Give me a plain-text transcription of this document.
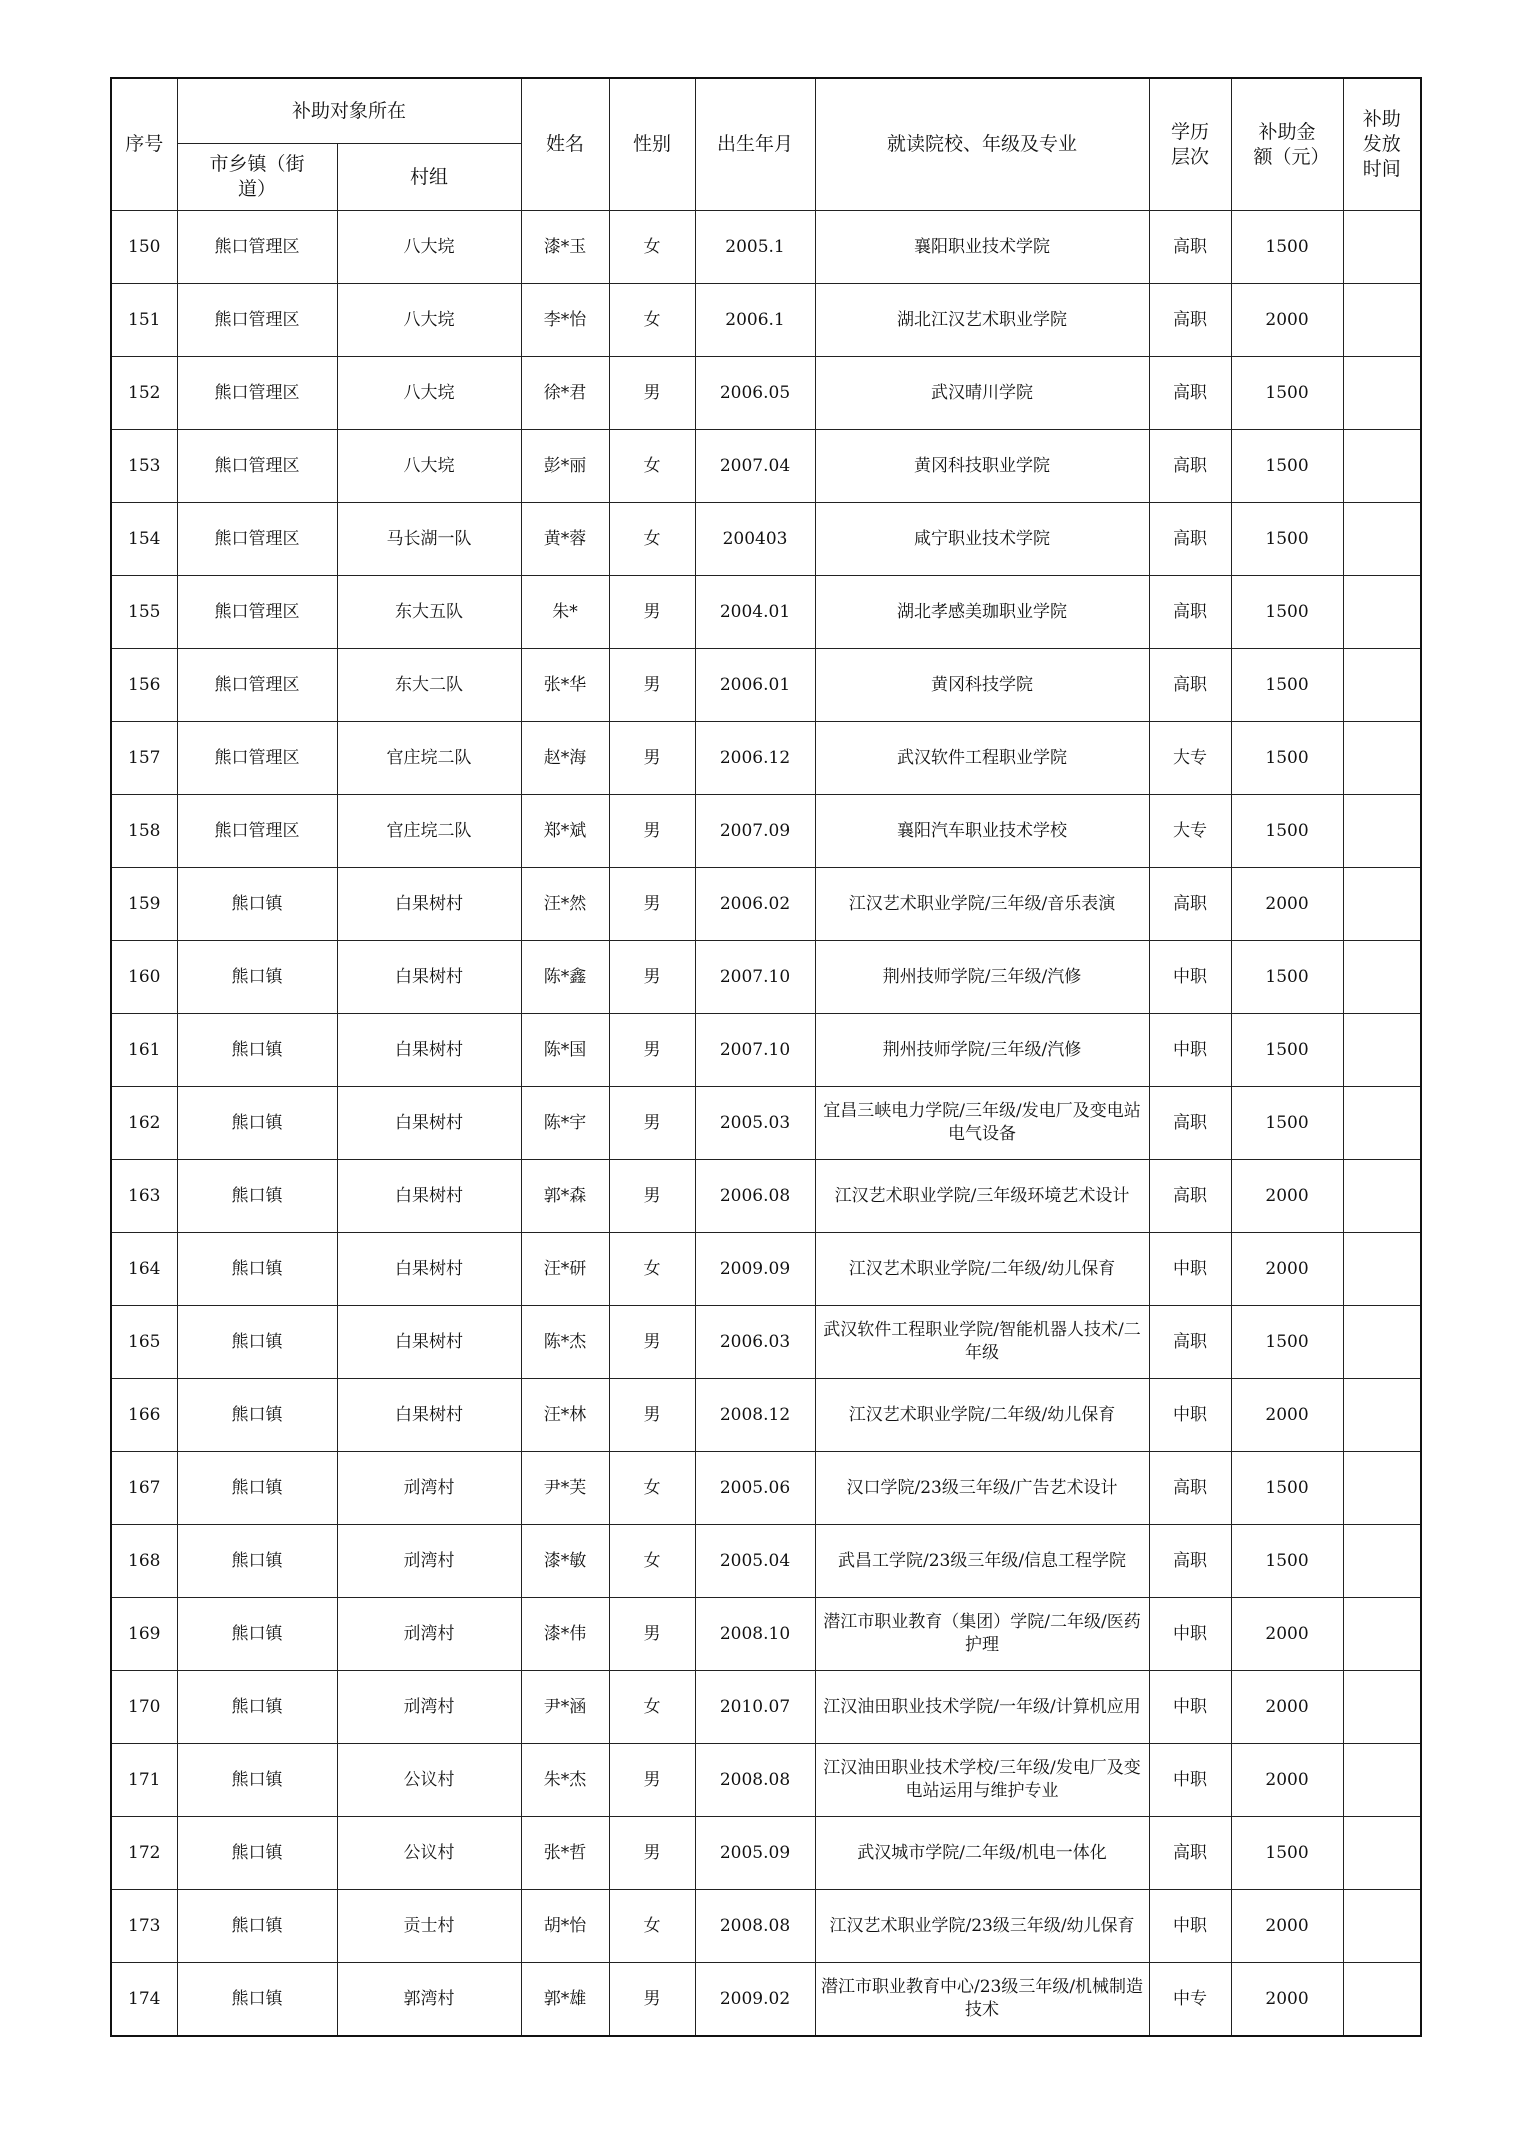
序号	补助对象所在		姓名	性别	出生年月	就读院校、年级及专业	学历层次	补助金额（元）	补助发放时间
	市乡镇（街道）	村组							
150	熊口管理区	八大垸	漆*玉	女	2005.1	襄阳职业技术学院	高职	1500	
151	熊口管理区	八大垸	李*怡	女	2006.1	湖北江汉艺术职业学院	高职	2000	
152	熊口管理区	八大垸	徐*君	男	2006.05	武汉晴川学院	高职	1500	
153	熊口管理区	八大垸	彭*丽	女	2007.04	黄冈科技职业学院	高职	1500	
154	熊口管理区	马长湖一队	黄*蓉	女	200403	咸宁职业技术学院	高职	1500	
155	熊口管理区	东大五队	朱*	男	2004.01	湖北孝感美珈职业学院	高职	1500	
156	熊口管理区	东大二队	张*华	男	2006.01	黄冈科技学院	高职	1500	
157	熊口管理区	官庄垸二队	赵*海	男	2006.12	武汉软件工程职业学院	大专	1500	
158	熊口管理区	官庄垸二队	郑*斌	男	2007.09	襄阳汽车职业技术学校	大专	1500	
159	熊口镇	白果树村	汪*然	男	2006.02	江汉艺术职业学院/三年级/音乐表演	高职	2000	
160	熊口镇	白果树村	陈*鑫	男	2007.10	荆州技师学院/三年级/汽修	中职	1500	
161	熊口镇	白果树村	陈*国	男	2007.10	荆州技师学院/三年级/汽修	中职	1500	
162	熊口镇	白果树村	陈*宇	男	2005.03	宜昌三峡电力学院/三年级/发电厂及变电站电气设备	高职	1500	
163	熊口镇	白果树村	郭*森	男	2006.08	江汉艺术职业学院/三年级环境艺术设计	高职	2000	
164	熊口镇	白果树村	汪*研	女	2009.09	江汉艺术职业学院/二年级/幼儿保育	中职	2000	
165	熊口镇	白果树村	陈*杰	男	2006.03	武汉软件工程职业学院/智能机器人技术/二年级	高职	1500	
166	熊口镇	白果树村	汪*林	男	2008.12	江汉艺术职业学院/二年级/幼儿保育	中职	2000	
167	熊口镇	刓湾村	尹*芙	女	2005.06	汉口学院/23级三年级/广告艺术设计	高职	1500	
168	熊口镇	刓湾村	漆*敏	女	2005.04	武昌工学院/23级三年级/信息工程学院	高职	1500	
169	熊口镇	刓湾村	漆*伟	男	2008.10	潜江市职业教育（集团）学院/二年级/医药护理	中职	2000	
170	熊口镇	刓湾村	尹*涵	女	2010.07	江汉油田职业技术学院/一年级/计算机应用	中职	2000	
171	熊口镇	公议村	朱*杰	男	2008.08	江汉油田职业技术学校/三年级/发电厂及变电站运用与维护专业	中职	2000	
172	熊口镇	公议村	张*哲	男	2005.09	武汉城市学院/二年级/机电一体化	高职	1500	
173	熊口镇	贡士村	胡*怡	女	2008.08	江汉艺术职业学院/23级三年级/幼儿保育	中职	2000	
174	熊口镇	郭湾村	郭*雄	男	2009.02	潜江市职业教育中心/23级三年级/机械制造技术	中专	2000	
